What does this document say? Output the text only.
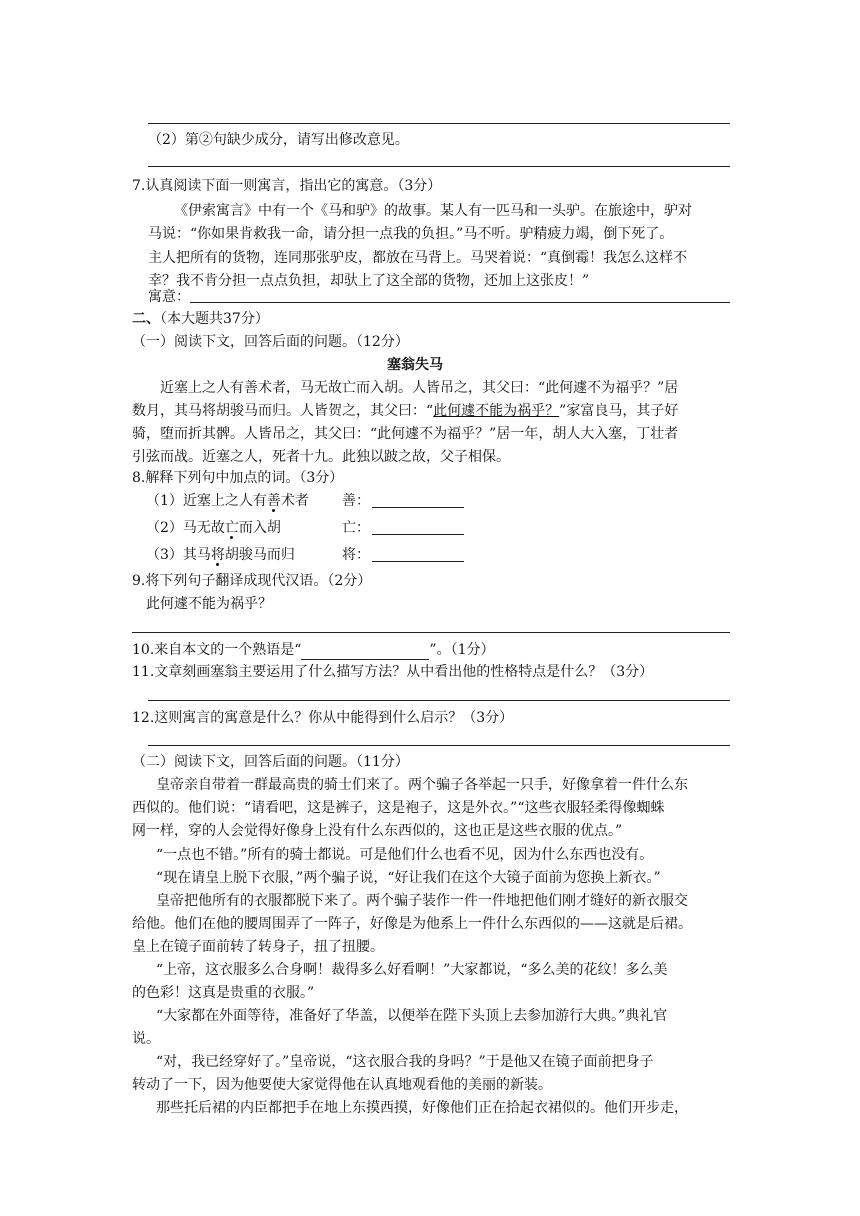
（2）第②句缺少成分，请写出修改意见。
7.认真阅读下面一则寓言，指出它的寓意。（3分）
《伊索寓言》中有一个《马和驴》的故事。某人有一匹马和一头驴。在旅途中，驴对
马说：“你如果肯救我一命，请分担一点我的负担。”马不听。驴精疲力竭，倒下死了。
主人把所有的货物，连同那张驴皮，都放在马背上。马哭着说：“真倒霉！我怎么这样不
幸？我不肯分担一点点负担，却驮上了这全部的货物，还加上这张皮！”
寓意：
二、（本大题共37分）
（一）阅读下文，回答后面的问题。（12分）
塞翁失马
近塞上之人有善术者，马无故亡而入胡。人皆吊之，其父曰：“此何遽不为福乎？”居
数月，其马将胡骏马而归。人皆贺之，其父曰：“此何遽不能为祸乎？”家富良马，其子好
骑，堕而折其髀。人皆吊之，其父曰：“此何遽不为福乎？”居一年，胡人大入塞，丁壮者
引弦而战。近塞之人，死者十九。此独以跛之故，父子相保。
8.解释下列句中加点的词。（3分）
（1）近塞上之人有善术者 善：
（2）马无故亡而入胡	亡：
（3）其马将胡骏马而归	将：
9.将下列句子翻译成现代汉语。（2分）
此何遽不能为祸乎？
10.来自本文的一个熟语是“	”。（1分）
11.文章刻画塞翁主要运用了什么描写方法？从中看出他的性格特点是什么？（3分）
12.这则寓言的寓意是什么？你从中能得到什么启示？（3分）
（二）阅读下文，回答后面的问题。（11分）
皇帝亲自带着一群最高贵的骑士们来了。两个骗子各举起一只手，好像拿着一件什么东
西似的。他们说：“请看吧，这是裤子，这是袍子，这是外衣。”“这些衣服轻柔得像蜘蛛
网一样，穿的人会觉得好像身上没有什么东西似的，这也正是这些衣服的优点。”
“一点也不错。”所有的骑士都说。可是他们什么也看不见，因为什么东西也没有。
“现在请皇上脱下衣服，”两个骗子说，“好让我们在这个大镜子面前为您换上新衣。”
皇帝把他所有的衣服都脱下来了。两个骗子装作一件一件地把他们刚才缝好的新衣服交
给他。他们在他的腰周围弄了一阵子，好像是为他系上一件什么东西似的——这就是后裙。
皇上在镜子面前转了转身子，扭了扭腰。
“上帝，这衣服多么合身啊！裁得多么好看啊！”大家都说，“多么美的花纹！多么美
的色彩！这真是贵重的衣服。”
“大家都在外面等待，准备好了华盖，以便举在陛下头顶上去参加游行大典。”典礼官
说。
“对，我已经穿好了。”皇帝说，“这衣服合我的身吗？”于是他又在镜子面前把身子
转动了一下，因为他要使大家觉得他在认真地观看他的美丽的新装。
那些托后裙的内臣都把手在地上东摸西摸，好像他们正在拾起衣裙似的。他们开步走，
